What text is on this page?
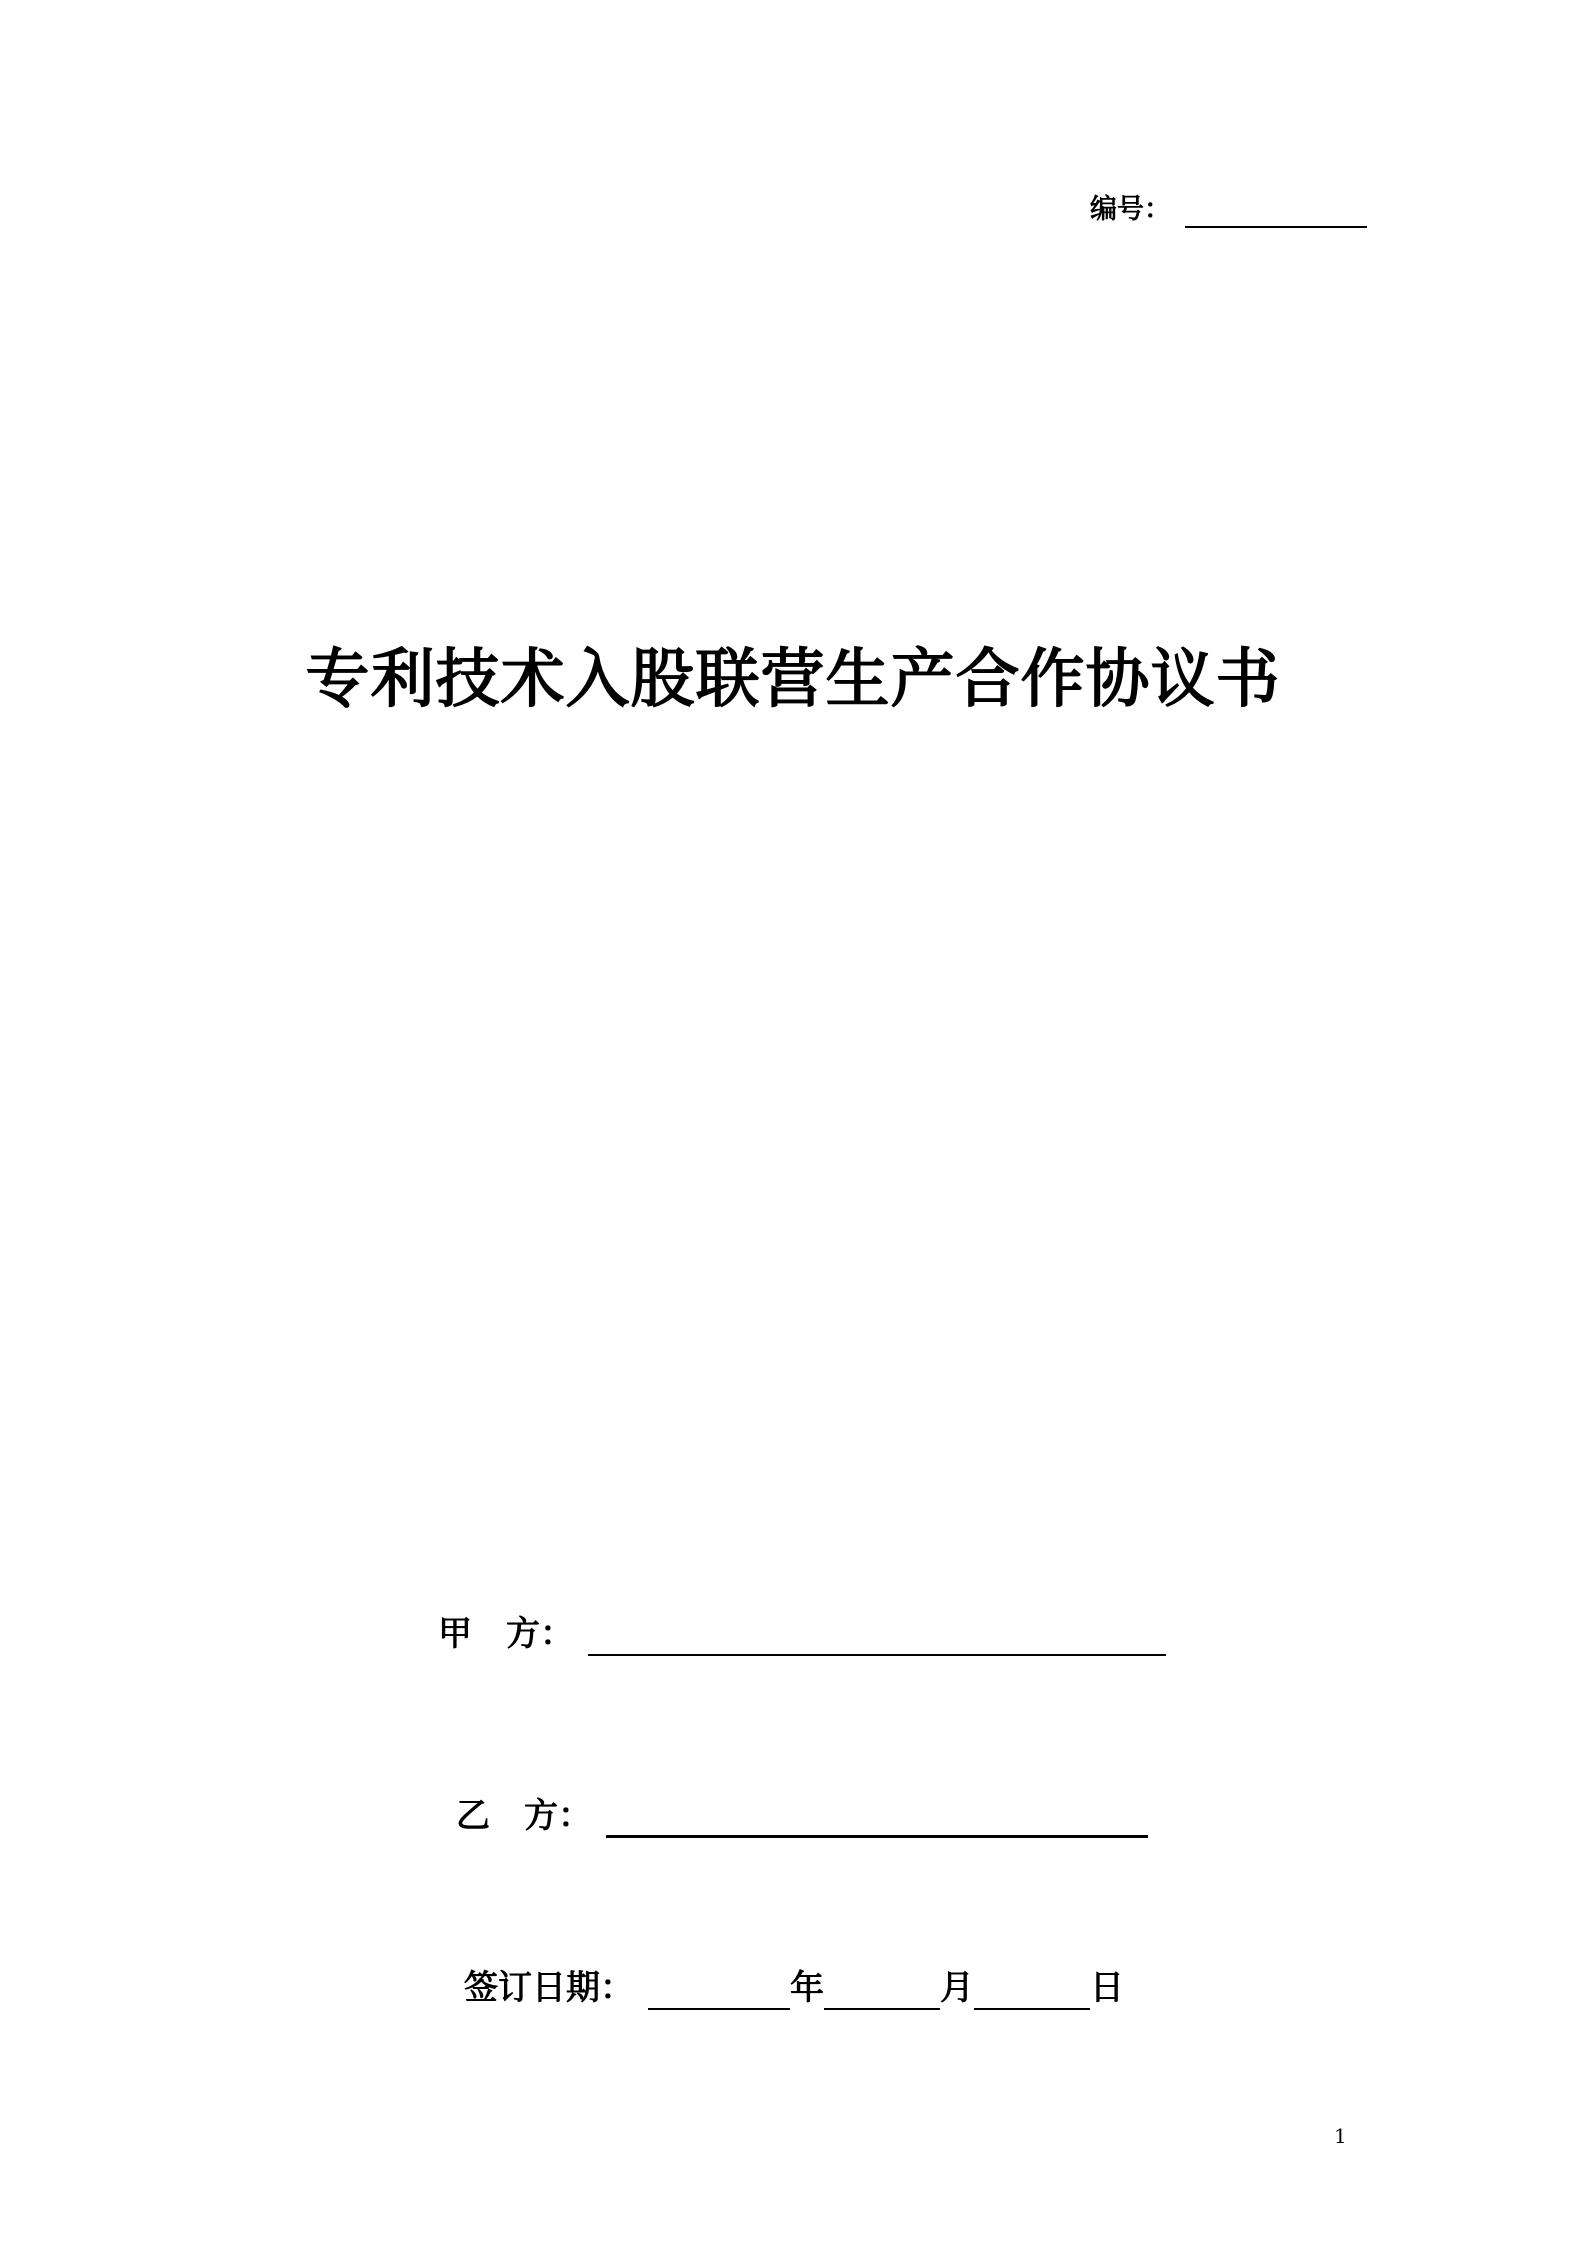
编号：
专利技术入股联营生产合作协议书
甲　方：
乙　方：
签订日期：	年	月	日
1
